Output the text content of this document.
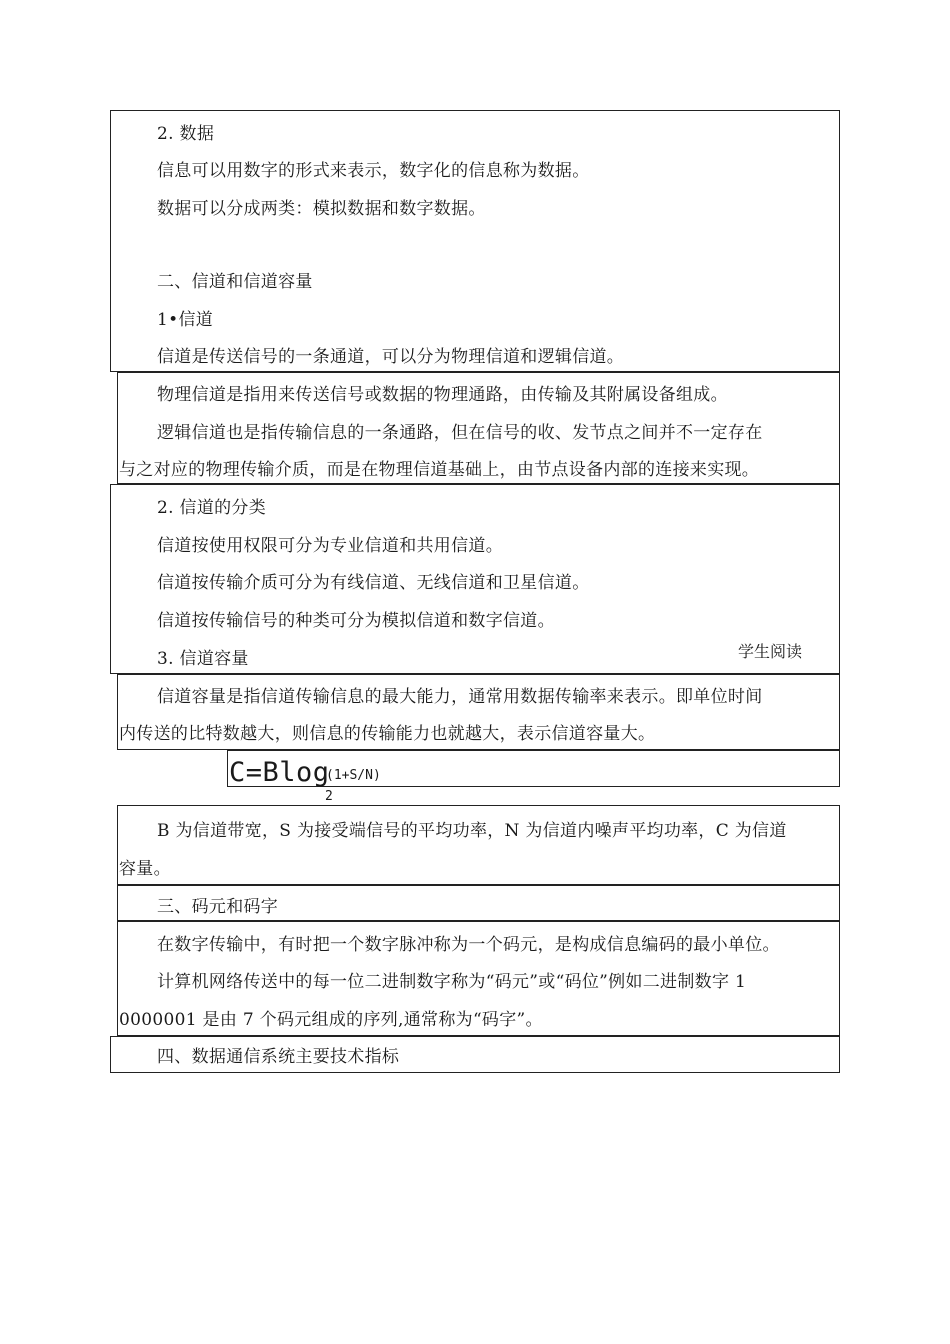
2. 数据
信息可以用数字的形式来表示，数字化的信息称为数据。
数据可以分成两类：模拟数据和数字数据。
二、信道和信道容量
1•信道
信道是传送信号的一条通道，可以分为物理信道和逻辑信道。
物理信道是指用来传送信号或数据的物理通路，由传输及其附属设备组成。
逻辑信道也是指传输信息的一条通路，但在信号的收、发节点之间并不一定存在
与之对应的物理传输介质，而是在物理信道基础上，由节点设备内部的连接来实现。
2. 信道的分类
信道按使用权限可分为专业信道和共用信道。
信道按传输介质可分为有线信道、无线信道和卫星信道。
信道按传输信号的种类可分为模拟信道和数字信道。
3. 信道容量	学生阅读
信道容量是指信道传输信息的最大能力，通常用数据传输率来表示。即单位时间
内传送的比特数越大，则信息的传输能力也就越大，表示信道容量大。
C=Blog
(1+S/N)
2
B 为信道带宽，S 为接受端信号的平均功率，N 为信道内噪声平均功率，C 为信道
容量。
三、码元和码字
在数字传输中，有时把一个数字脉冲称为一个码元，是构成信息编码的最小单位。
计算机网络传送中的每一位二进制数字称为“码元”或“码位”例如二进制数字 1
0000001 是由 7 个码元组成的序列,通常称为“码字”。
四、数据通信系统主要技术指标
